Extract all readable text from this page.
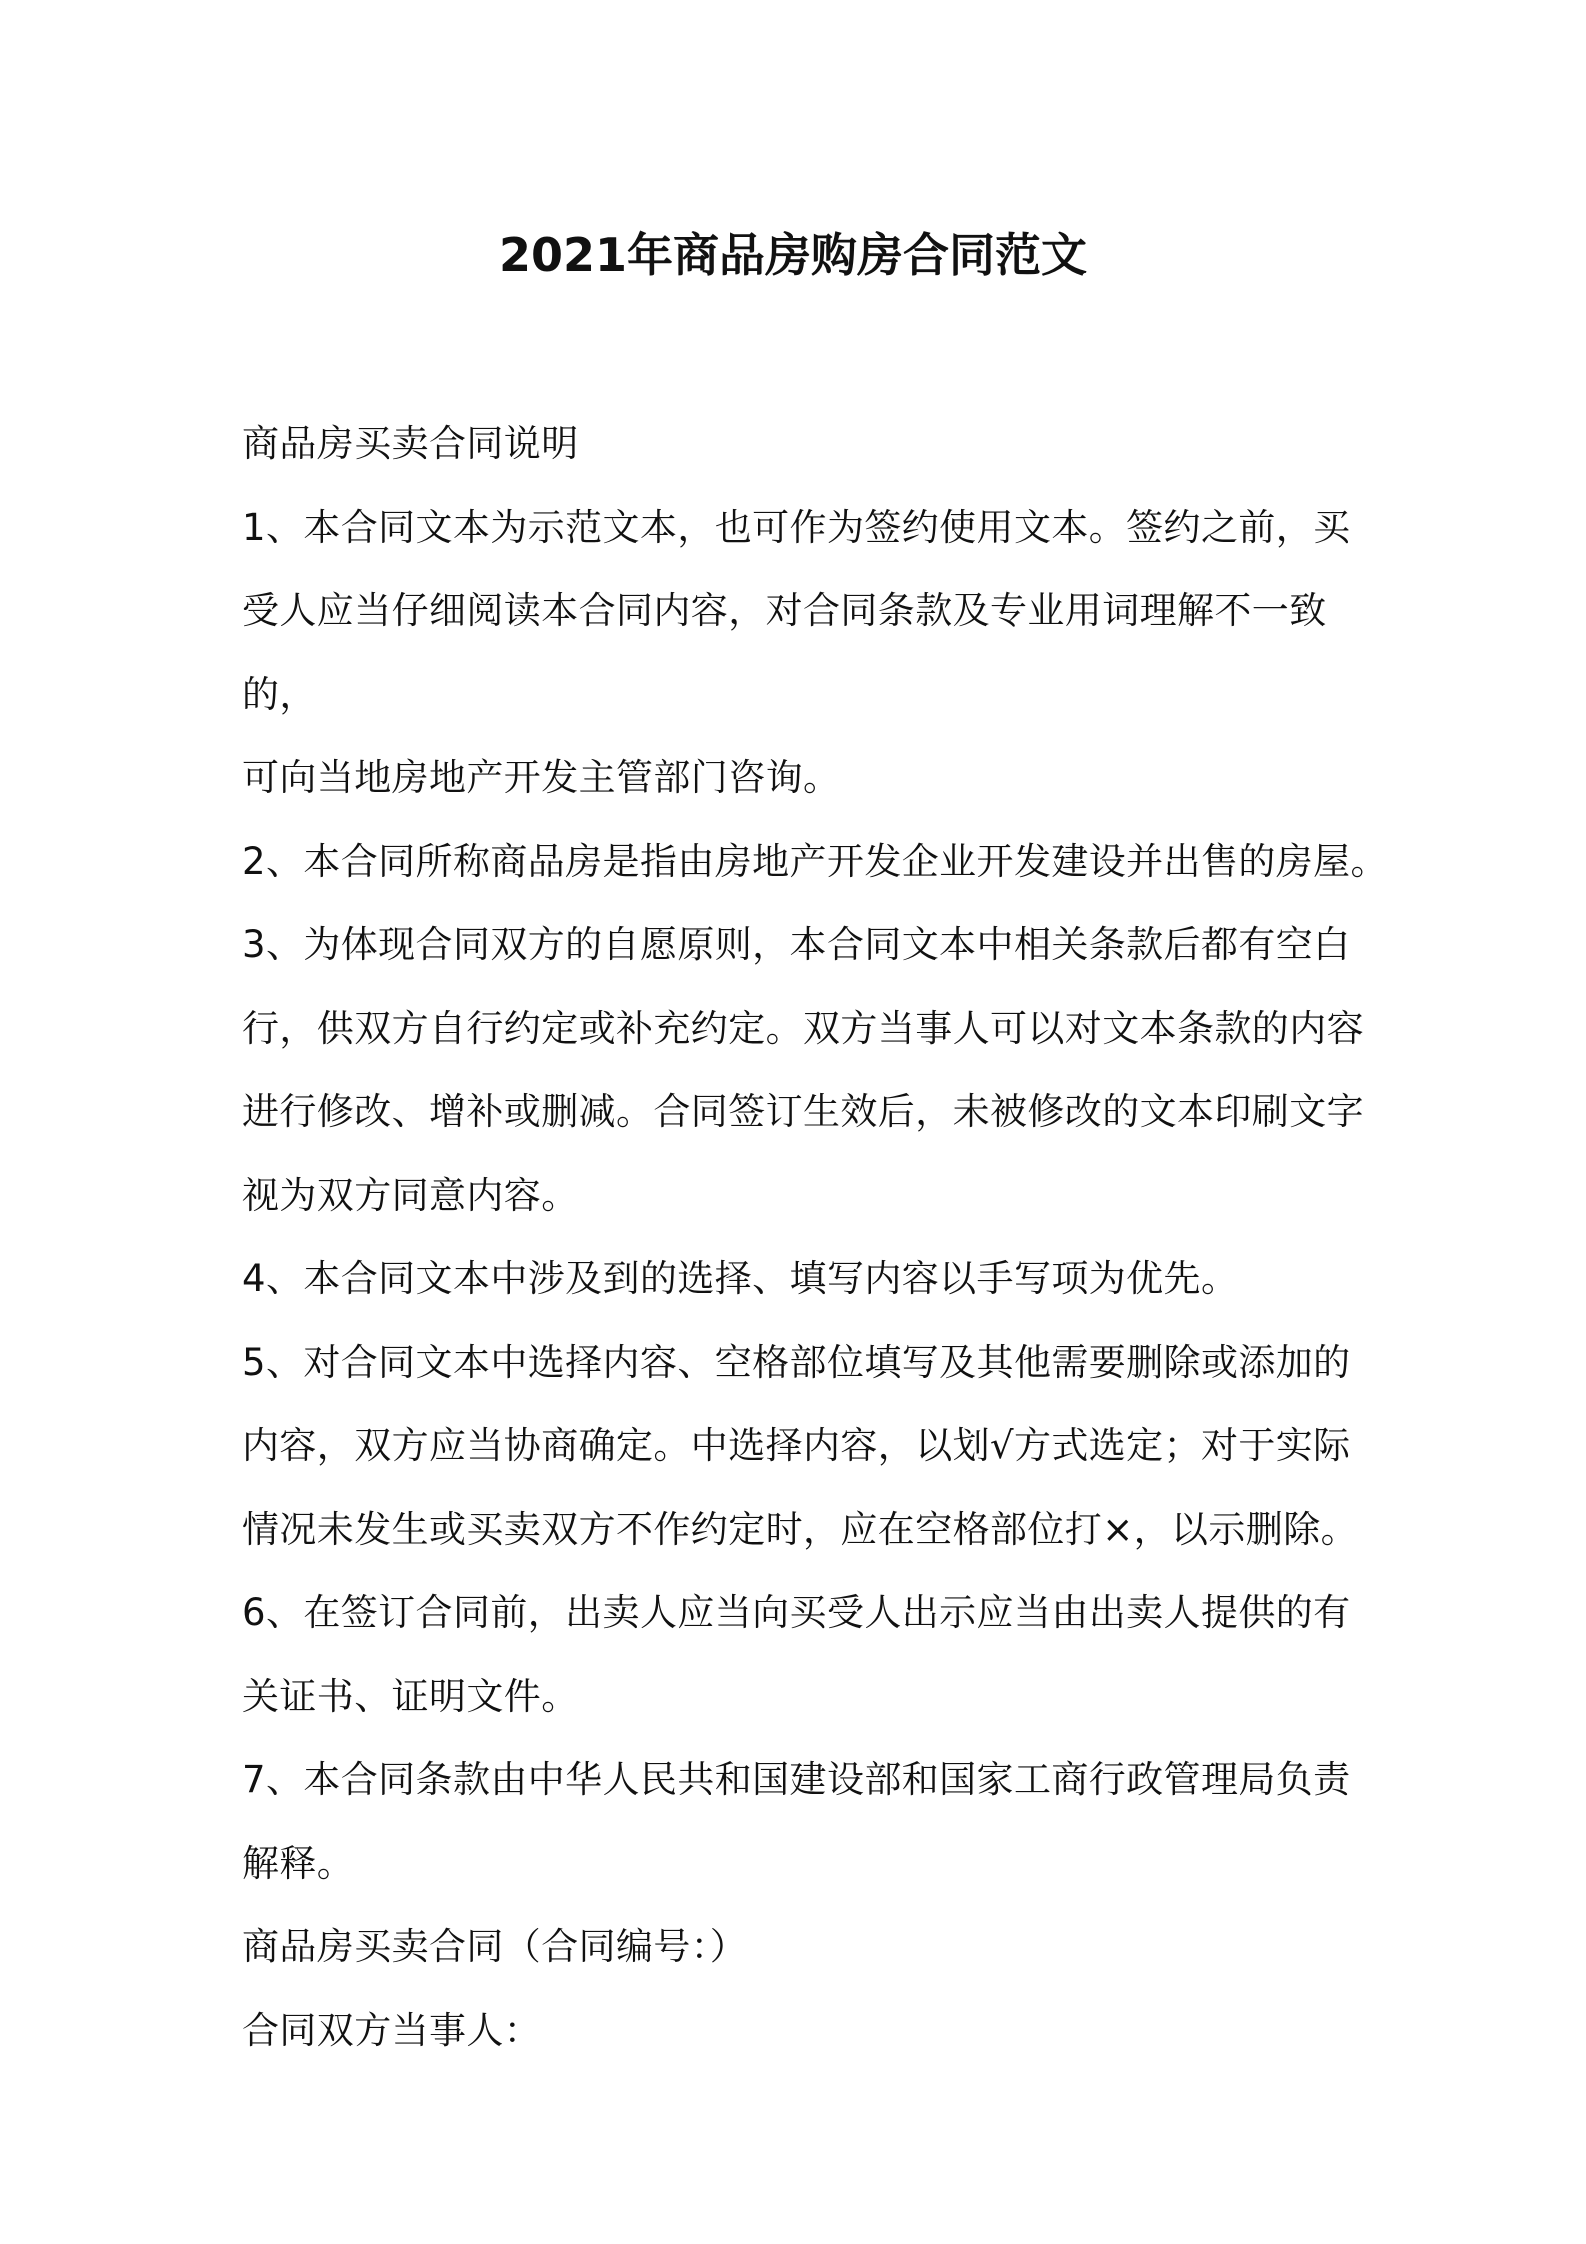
2021年商品房购房合同范文

商品房买卖合同说明

1、本合同文本为示范文本，也可作为签约使用文本。签约之前，买
受人应当仔细阅读本合同内容，对合同条款及专业用词理解不一致的，
可向当地房地产开发主管部门咨询。

2、本合同所称商品房是指由房地产开发企业开发建设并出售的房屋。

3、为体现合同双方的自愿原则，本合同文本中相关条款后都有空白
行，供双方自行约定或补充约定。双方当事人可以对文本条款的内容
进行修改、增补或删减。合同签订生效后，未被修改的文本印刷文字
视为双方同意内容。

4、本合同文本中涉及到的选择、填写内容以手写项为优先。

5、对合同文本中选择内容、空格部位填写及其他需要删除或添加的
内容，双方应当协商确定。中选择内容，以划√方式选定；对于实际
情况未发生或买卖双方不作约定时，应在空格部位打×，以示删除。

6、在签订合同前，出卖人应当向买受人出示应当由出卖人提供的有
关证书、证明文件。

7、本合同条款由中华人民共和国建设部和国家工商行政管理局负责
解释。

商品房买卖合同（合同编号：）

合同双方当事人：
